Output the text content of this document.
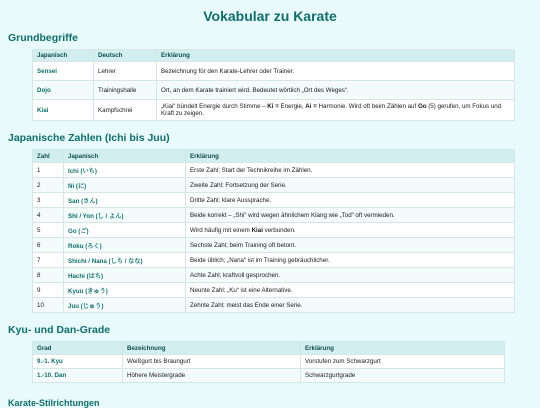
Vokabular zu Karate
Grundbegriffe
Japanisch	Deutsch	Erklärung
Sensei	Lehrer	Bezeichnung für den Karate-Lehrer oder Trainer.
Dojo	Trainingshalle	Ort, an dem Karate trainiert wird. Bedeutet wörtlich „Ort des Weges“.
Kiai	Kampfschrei	„Kiai“ bündelt Energie durch Stimme – Ki = Energie, Ai = Harmonie. Wird oft beim Zählen auf Go (5) gerufen, um Fokus und Kraft zu zeigen.
Japanische Zahlen (Ichi bis Juu)
Zahl	Japanisch	Erklärung
1	Ichi (いち)	Erste Zahl; Start der Technikreihe im Zählen.
2	Ni (に)	Zweite Zahl; Fortsetzung der Serie.
3	San (さん)	Dritte Zahl; klare Aussprache.
4	Shi / Yon (し / よん)	Beide korrekt – „Shi“ wird wegen ähnlichem Klang wie „Tod“ oft vermieden.
5	Go (ご)	Wird häufig mit einem Kiai verbunden.
6	Roku (ろく)	Sechste Zahl; beim Training oft betont.
7	Shichi / Nana (しち / なな)	Beide üblich; „Nana“ ist im Training gebräuchlicher.
8	Hachi (はち)	Achte Zahl; kraftvoll gesprochen.
9	Kyuu (きゅう)	Neunte Zahl; „Ku“ ist eine Alternative.
10	Juu (じゅう)	Zehnte Zahl; meist das Ende einer Serie.
Kyu- und Dan-Grade
Grad	Bezeichnung	Erklärung
9.-1. Kyu	Weißgurt bis Braungurt	Vorstufen zum Schwarzgurt
1.-10. Dan	Höhere Meistergrade	Schwarzgurtgrade
Karate-Stilrichtungen
